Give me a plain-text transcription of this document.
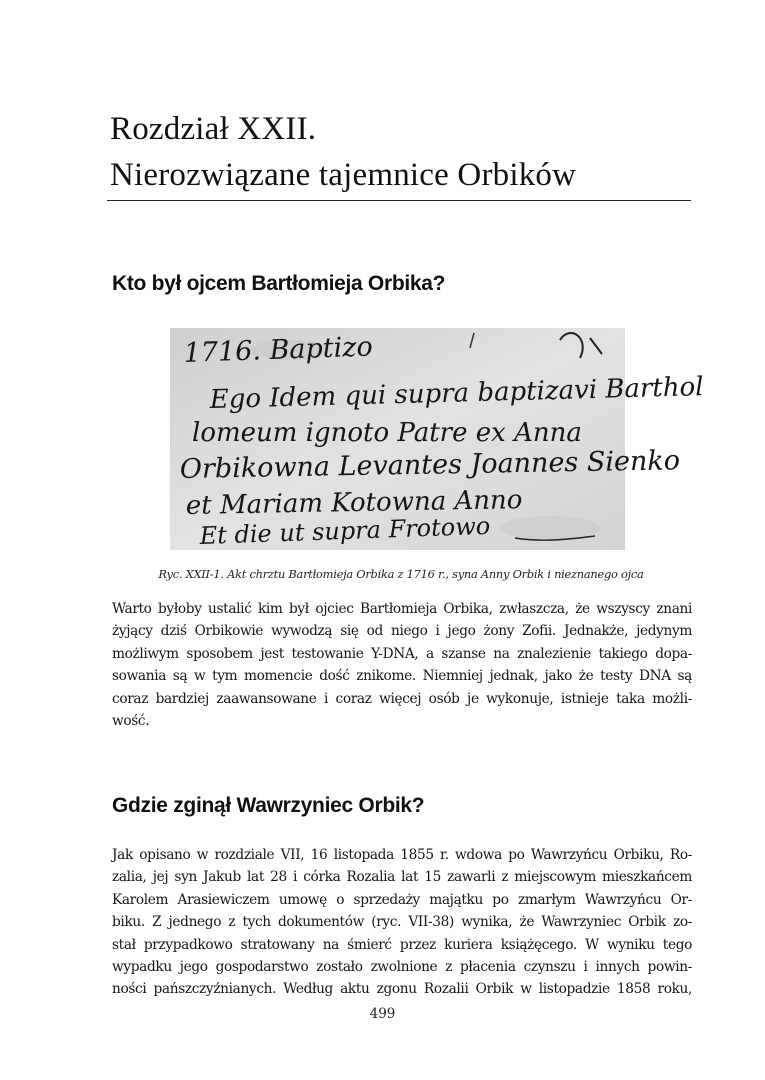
Rozdział XXII.
Nierozwiązane tajemnice Orbików
Kto był ojcem Bartłomieja Orbika?
1716. Baptizo
Ego Idem qui supra baptizavi Barthol
lomeum ignoto Patre ex Anna
Orbikowna Levantes Joannes Sienko
et Mariam Kotowna Anno
Et die ut supra Frotowo

Ryc. XXII-1. Akt chrztu Bartłomieja Orbika z 1716 r., syna Anny Orbik i nieznanego ojca

Warto byłoby ustalić kim był ojciec Bartłomieja Orbika, zwłaszcza, że wszyscy znani
żyjący dziś Orbikowie wywodzą się od niego i jego żony Zofii. Jednakże, jedynym
możliwym sposobem jest testowanie Y-DNA, a szanse na znalezienie takiego dopa-
sowania są w tym momencie dość znikome. Niemniej jednak, jako że testy DNA są
coraz bardziej zaawansowane i coraz więcej osób je wykonuje, istnieje taka możli-
wość.
Gdzie zginął Wawrzyniec Orbik?
Jak opisano w rozdziale VII, 16 listopada 1855 r. wdowa po Wawrzyńcu Orbiku, Ro-
zalia, jej syn Jakub lat 28 i córka Rozalia lat 15 zawarli z miejscowym mieszkańcem
Karolem Arasiewiczem umowę o sprzedaży majątku po zmarłym Wawrzyńcu Or-
biku. Z jednego z tych dokumentów (ryc. VII-38) wynika, że Wawrzyniec Orbik zo-
stał przypadkowo stratowany na śmierć przez kuriera książęcego. W wyniku tego
wypadku jego gospodarstwo zostało zwolnione z płacenia czynszu i innych powin-
ności pańszczyźnianych. Według aktu zgonu Rozalii Orbik w listopadzie 1858 roku,

499
